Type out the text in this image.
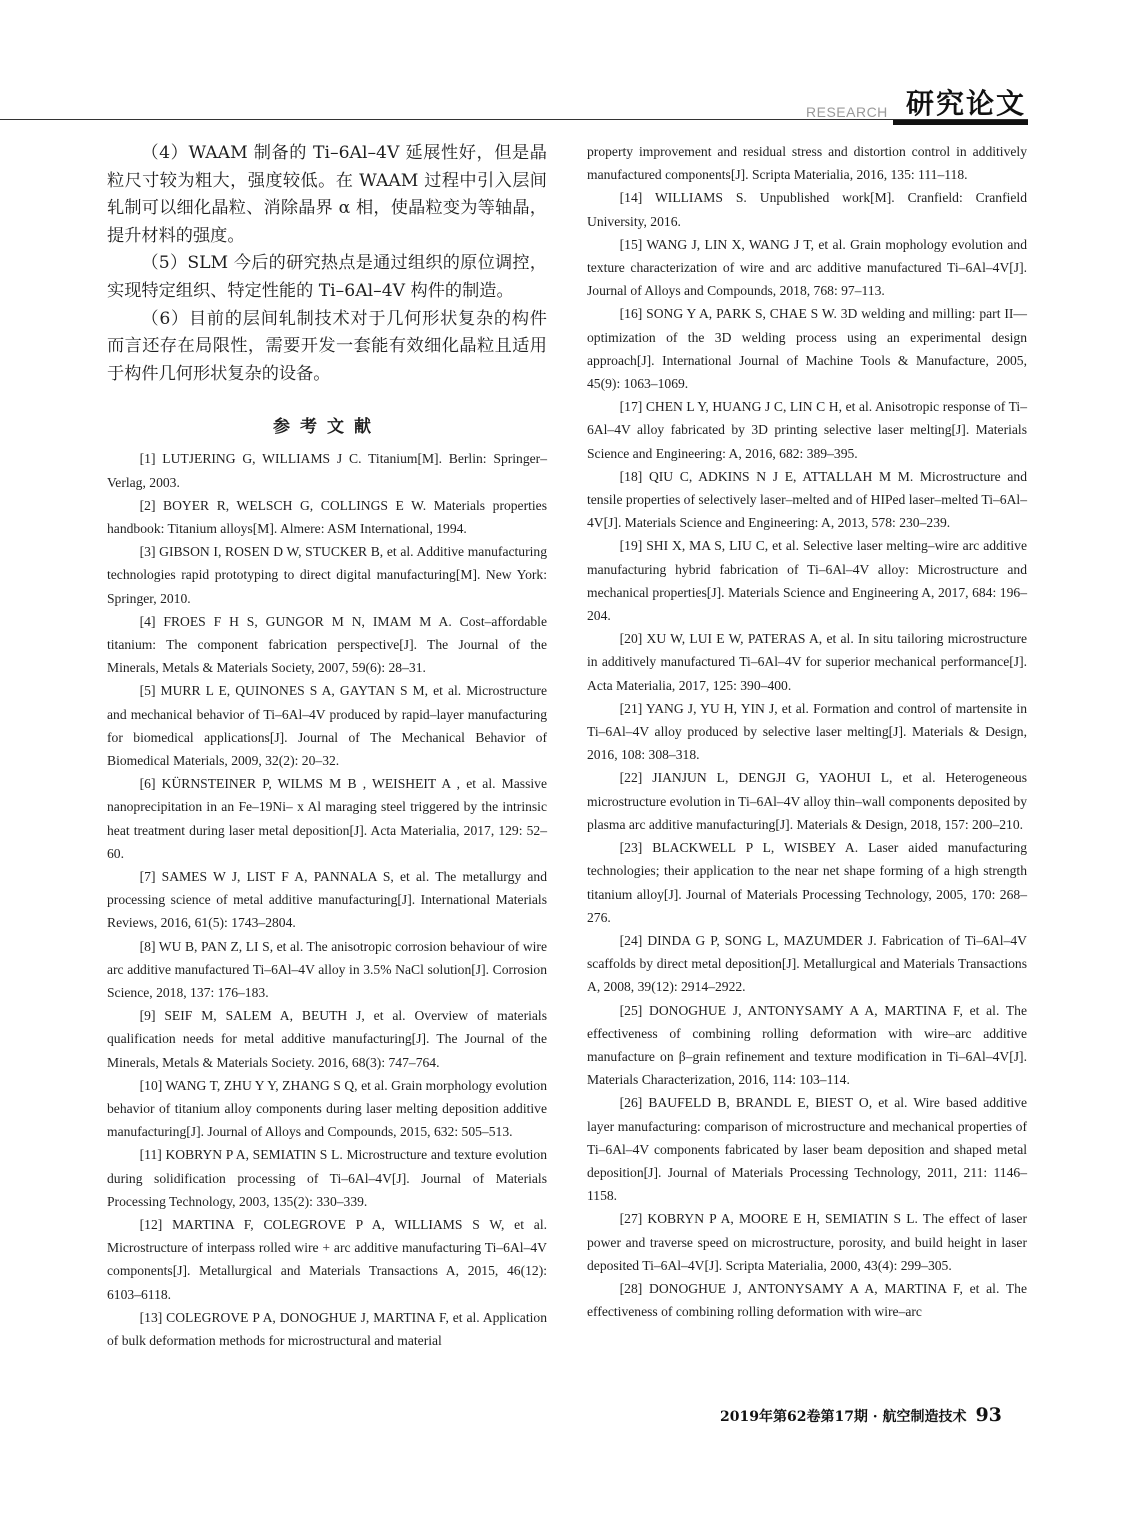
RESEARCH 研究论文

（4）WAAM 制备的 Ti–6Al–4V 延展性好，但是晶粒尺寸较为粗大，强度较低。在 WAAM 过程中引入层间轧制可以细化晶粒、消除晶界 α 相，使晶粒变为等轴晶，提升材料的强度。

（5）SLM 今后的研究热点是通过组织的原位调控，实现特定组织、特定性能的 Ti–6Al–4V 构件的制造。

（6）目前的层间轧制技术对于几何形状复杂的构件而言还存在局限性，需要开发一套能有效细化晶粒且适用于构件几何形状复杂的设备。

参考文献

[1] LUTJERING G, WILLIAMS J C. Titanium[M]. Berlin: Springer–Verlag, 2003.

[2] BOYER R, WELSCH G, COLLINGS E W. Materials properties handbook: Titanium alloys[M]. Almere: ASM International, 1994.

[3] GIBSON I, ROSEN D W, STUCKER B, et al. Additive manufacturing technologies rapid prototyping to direct digital manufacturing[M]. New York: Springer, 2010.

[4] FROES F H S, GUNGOR M N, IMAM M A. Cost–affordable titanium: The component fabrication perspective[J]. The Journal of the Minerals, Metals & Materials Society, 2007, 59(6): 28–31.

[5] MURR L E, QUINONES S A, GAYTAN S M, et al. Microstructure and mechanical behavior of Ti–6Al–4V produced by rapid–layer manufacturing for biomedical applications[J]. Journal of The Mechanical Behavior of Biomedical Materials, 2009, 32(2): 20–32.

[6] KÜRNSTEINER P, WILMS M B , WEISHEIT A , et al. Massive nanoprecipitation in an Fe–19Ni– x Al maraging steel triggered by the intrinsic heat treatment during laser metal deposition[J]. Acta Materialia, 2017, 129: 52–60.

[7] SAMES W J, LIST F A, PANNALA S, et al. The metallurgy and processing science of metal additive manufacturing[J]. International Materials Reviews, 2016, 61(5): 1743–2804.

[8] WU B, PAN Z, LI S, et al. The anisotropic corrosion behaviour of wire arc additive manufactured Ti–6Al–4V alloy in 3.5% NaCl solution[J]. Corrosion Science, 2018, 137: 176–183.

[9] SEIF M, SALEM A, BEUTH J, et al. Overview of materials qualification needs for metal additive manufacturing[J]. The Journal of the Minerals, Metals & Materials Society. 2016, 68(3): 747–764.

[10] WANG T, ZHU Y Y, ZHANG S Q, et al. Grain morphology evolution behavior of titanium alloy components during laser melting deposition additive manufacturing[J]. Journal of Alloys and Compounds, 2015, 632: 505–513.

[11] KOBRYN P A, SEMIATIN S L. Microstructure and texture evolution during solidification processing of Ti–6Al–4V[J]. Journal of Materials Processing Technology, 2003, 135(2): 330–339.

[12] MARTINA F, COLEGROVE P A, WILLIAMS S W, et al. Microstructure of interpass rolled wire + arc additive manufacturing Ti–6Al–4V components[J]. Metallurgical and Materials Transactions A, 2015, 46(12): 6103–6118.

[13] COLEGROVE P A, DONOGHUE J, MARTINA F, et al. Application of bulk deformation methods for microstructural and material

property improvement and residual stress and distortion control in additively manufactured components[J]. Scripta Materialia, 2016, 135: 111–118.

[14] WILLIAMS S. Unpublished work[M]. Cranfield: Cranfield University, 2016.

[15] WANG J, LIN X, WANG J T, et al. Grain mophology evolution and texture characterization of wire and arc additive manufactured Ti–6Al–4V[J]. Journal of Alloys and Compounds, 2018, 768: 97–113.

[16] SONG Y A, PARK S, CHAE S W. 3D welding and milling: part II—optimization of the 3D welding process using an experimental design approach[J]. International Journal of Machine Tools & Manufacture, 2005, 45(9): 1063–1069.

[17] CHEN L Y, HUANG J C, LIN C H, et al. Anisotropic response of Ti–6Al–4V alloy fabricated by 3D printing selective laser melting[J]. Materials Science and Engineering: A, 2016, 682: 389–395.

[18] QIU C, ADKINS N J E, ATTALLAH M M. Microstructure and tensile properties of selectively laser–melted and of HIPed laser–melted Ti–6Al–4V[J]. Materials Science and Engineering: A, 2013, 578: 230–239.

[19] SHI X, MA S, LIU C, et al. Selective laser melting–wire arc additive manufacturing hybrid fabrication of Ti–6Al–4V alloy: Microstructure and mechanical properties[J]. Materials Science and Engineering A, 2017, 684: 196–204.

[20] XU W, LUI E W, PATERAS A, et al. In situ tailoring microstructure in additively manufactured Ti–6Al–4V for superior mechanical performance[J]. Acta Materialia, 2017, 125: 390–400.

[21] YANG J, YU H, YIN J, et al. Formation and control of martensite in Ti–6Al–4V alloy produced by selective laser melting[J]. Materials & Design, 2016, 108: 308–318.

[22] JIANJUN L, DENGJI G, YAOHUI L, et al. Heterogeneous microstructure evolution in Ti–6Al–4V alloy thin–wall components deposited by plasma arc additive manufacturing[J]. Materials & Design, 2018, 157: 200–210.

[23] BLACKWELL P L, WISBEY A. Laser aided manufacturing technologies; their application to the near net shape forming of a high strength titanium alloy[J]. Journal of Materials Processing Technology, 2005, 170: 268–276.

[24] DINDA G P, SONG L, MAZUMDER J. Fabrication of Ti–6Al–4V scaffolds by direct metal deposition[J]. Metallurgical and Materials Transactions A, 2008, 39(12): 2914–2922.

[25] DONOGHUE J, ANTONYSAMY A A, MARTINA F, et al. The effectiveness of combining rolling deformation with wire–arc additive manufacture on β–grain refinement and texture modification in Ti–6Al–4V[J]. Materials Characterization, 2016, 114: 103–114.

[26] BAUFELD B, BRANDL E, BIEST O, et al. Wire based additive layer manufacturing: comparison of microstructure and mechanical properties of Ti–6Al–4V components fabricated by laser beam deposition and shaped metal deposition[J]. Journal of Materials Processing Technology, 2011, 211: 1146–1158.

[27] KOBRYN P A, MOORE E H, SEMIATIN S L. The effect of laser power and traverse speed on microstructure, porosity, and build height in laser deposited Ti–6Al–4V[J]. Scripta Materialia, 2000, 43(4): 299–305.

[28] DONOGHUE J, ANTONYSAMY A A, MARTINA F, et al. The effectiveness of combining rolling deformation with wire–arc

2019年第62卷第17期 · 航空制造技术 93
